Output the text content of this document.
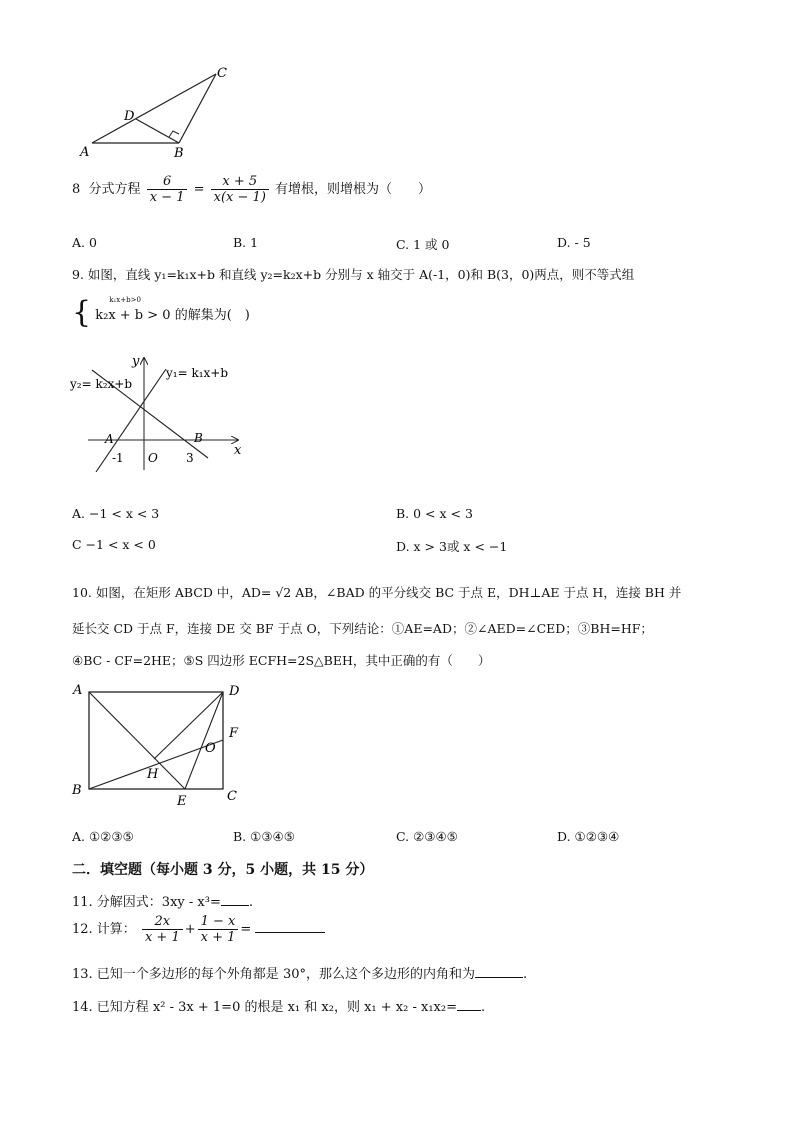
A	B
C
D
8 分式方程 $\frac{6}{x - 1} = \frac{x + 5}{x(x - 1)}$ 有增根，则增根为（　　）
A. 0	B. 1	C. 1 或 0	D. - 5
9. 如图，直线 y₁=k₁x+b 和直线 y₂=k₂x+b 分别与 x 轴交于 A(-1，0)和 B(3，0)两点，则不等式组
{	k₁x+b>0
k₂x + b > 0 的解集为(　)
y
x
y₁= k₁x+b
y₂= k₂x+b
A	B
O
-1	3
A. −1 < x < 3	B. 0 < x < 3
C −1 < x < 0	D. x > 3或 x < −1
10. 如图，在矩形 ABCD 中，AD= √2 AB，∠BAD 的平分线交 BC 于点 E，DH⊥AE 于点 H，连接 BH 并
延长交 CD 于点 F，连接 DE 交 BF 于点 O，下列结论：①AE=AD；②∠AED=∠CED；③BH=HF；
④BC - CF=2HE；⑤S 四边形 ECFH=2S△BEH，其中正确的有（　　）
A	D
F
O
H
B	C
E
A. ①②③⑤	B. ①③④⑤	C. ②③④⑤	D. ①②③④
二．填空题（每小题 3 分，5 小题，共 15 分）
11. 分解因式：3xy - x³= .
12. 计算： $\frac{2x}{x + 1} + \frac{1 - x}{x + 1}$ =
13. 已知一个多边形的每个外角都是 30°，那么这个多边形的内角和为	.
14. 已知方程 x² - 3x + 1=0 的根是 x₁ 和 x₂，则 x₁ + x₂ - x₁x₂= .
